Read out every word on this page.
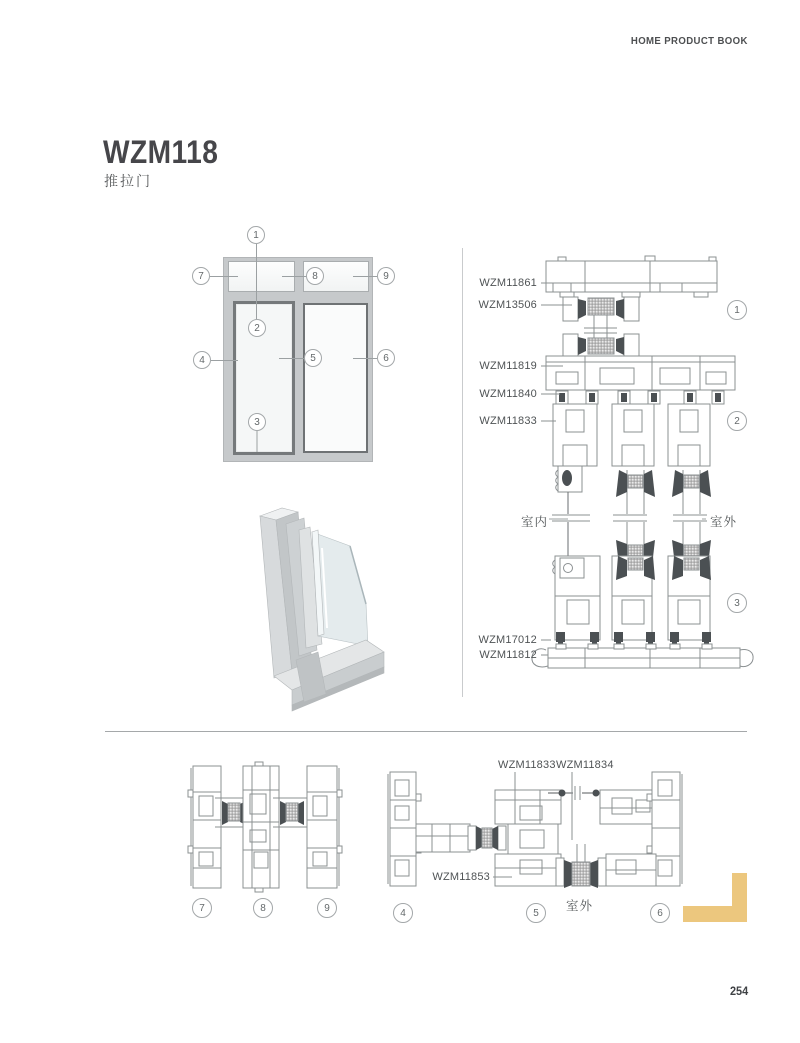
HOME PRODUCT BOOK
WZM118
推拉门
WZM11861
WZM13506
WZM11819
WZM11840
WZM11833
WZM17012
WZM11812
室内	室外
WZM11833 WZM11834
WZM11853
室外
1
2
3
4	5	6
7	8	9
1
2
3
7	8	9	4	5	6
254
